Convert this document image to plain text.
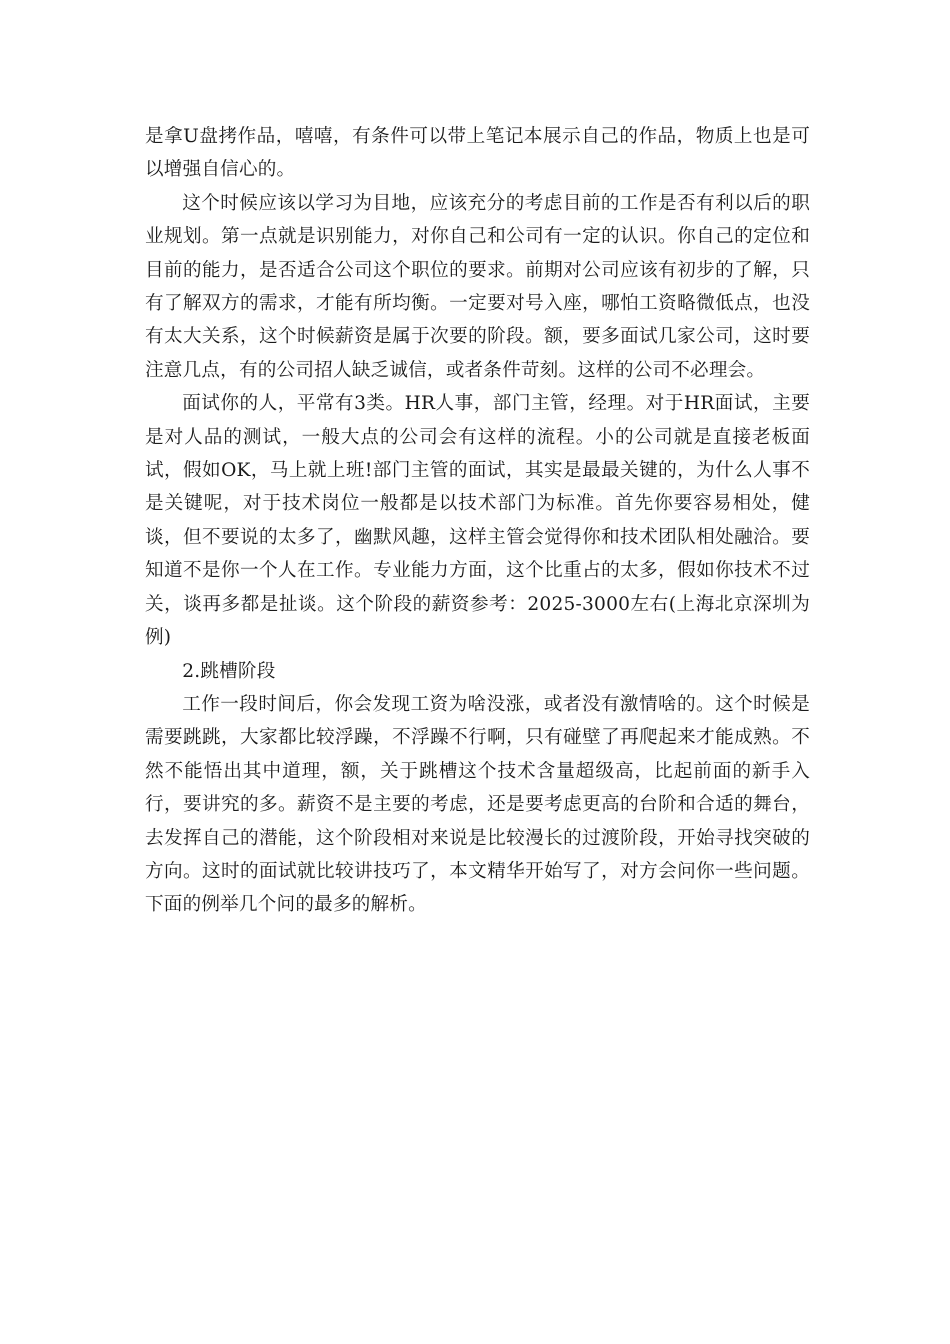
是拿U盘拷作品，嘻嘻，有条件可以带上笔记本展示自己的作品，物质上也是可以增强自信心的。

这个时候应该以学习为目地，应该充分的考虑目前的工作是否有利以后的职业规划。第一点就是识别能力，对你自己和公司有一定的认识。你自己的定位和目前的能力，是否适合公司这个职位的要求。前期对公司应该有初步的了解，只有了解双方的需求，才能有所均衡。一定要对号入座，哪怕工资略微低点，也没有太大关系，这个时候薪资是属于次要的阶段。额，要多面试几家公司，这时要注意几点，有的公司招人缺乏诚信，或者条件苛刻。这样的公司不必理会。

面试你的人，平常有3类。HR人事，部门主管，经理。对于HR面试，主要是对人品的测试，一般大点的公司会有这样的流程。小的公司就是直接老板面试，假如OK，马上就上班!部门主管的面试，其实是最最关键的，为什么人事不是关键呢，对于技术岗位一般都是以技术部门为标准。首先你要容易相处，健谈，但不要说的太多了，幽默风趣，这样主管会觉得你和技术团队相处融洽。要知道不是你一个人在工作。专业能力方面，这个比重占的太多，假如你技术不过关，谈再多都是扯谈。这个阶段的薪资参考：2025-3000左右(上海北京深圳为例)

2.跳槽阶段

工作一段时间后，你会发现工资为啥没涨，或者没有激情啥的。这个时候是需要跳跳，大家都比较浮躁，不浮躁不行啊，只有碰壁了再爬起来才能成熟。不然不能悟出其中道理，额，关于跳槽这个技术含量超级高，比起前面的新手入行，要讲究的多。薪资不是主要的考虑，还是要考虑更高的台阶和合适的舞台，去发挥自己的潜能，这个阶段相对来说是比较漫长的过渡阶段，开始寻找突破的方向。这时的面试就比较讲技巧了，本文精华开始写了，对方会问你一些问题。下面的例举几个问的最多的解析。
